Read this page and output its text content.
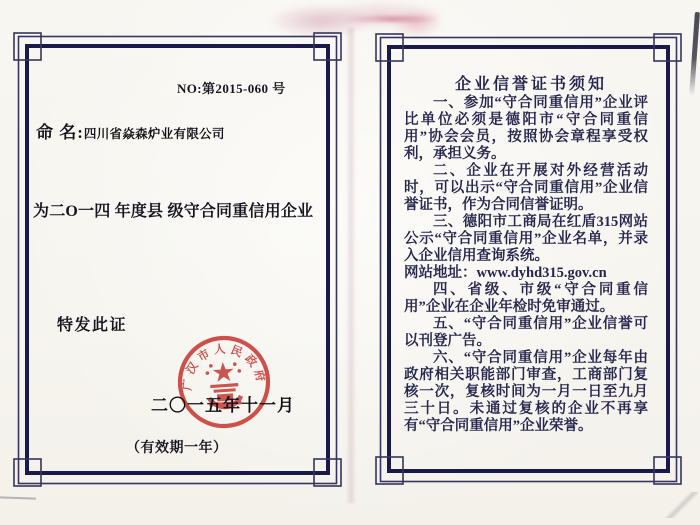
广汉市人民政府
NO:第2015-060 号
命 名:四川省焱森炉业有限公司
为二O一四 年度县 级守合同重信用企业
特发此证
二〇一五年十一月
（有效期一年）
企业信誉证书须知

一、参加“守合同重信用”企业评比单位必须是德阳市“守合同重信用”协会会员，按照协会章程享受权利，承担义务。

二、企业在开展对外经营活动时，可以出示“守合同重信用”企业信誉证书，作为合同信誉证明。

三、德阳市工商局在红盾315网站公示“守合同重信用”企业名单，并录入企业信用查询系统。

网站地址：www.dyhd315.gov.cn

四、省级、市级“守合同重信用”企业在企业年检时免审通过。

五、“守合同重信用”企业信誉可以刊登广告。

六、“守合同重信用”企业每年由政府相关职能部门审查，工商部门复核一次，复核时间为一月一日至九月三十日。未通过复核的企业不再享有“守合同重信用”企业荣誉。
